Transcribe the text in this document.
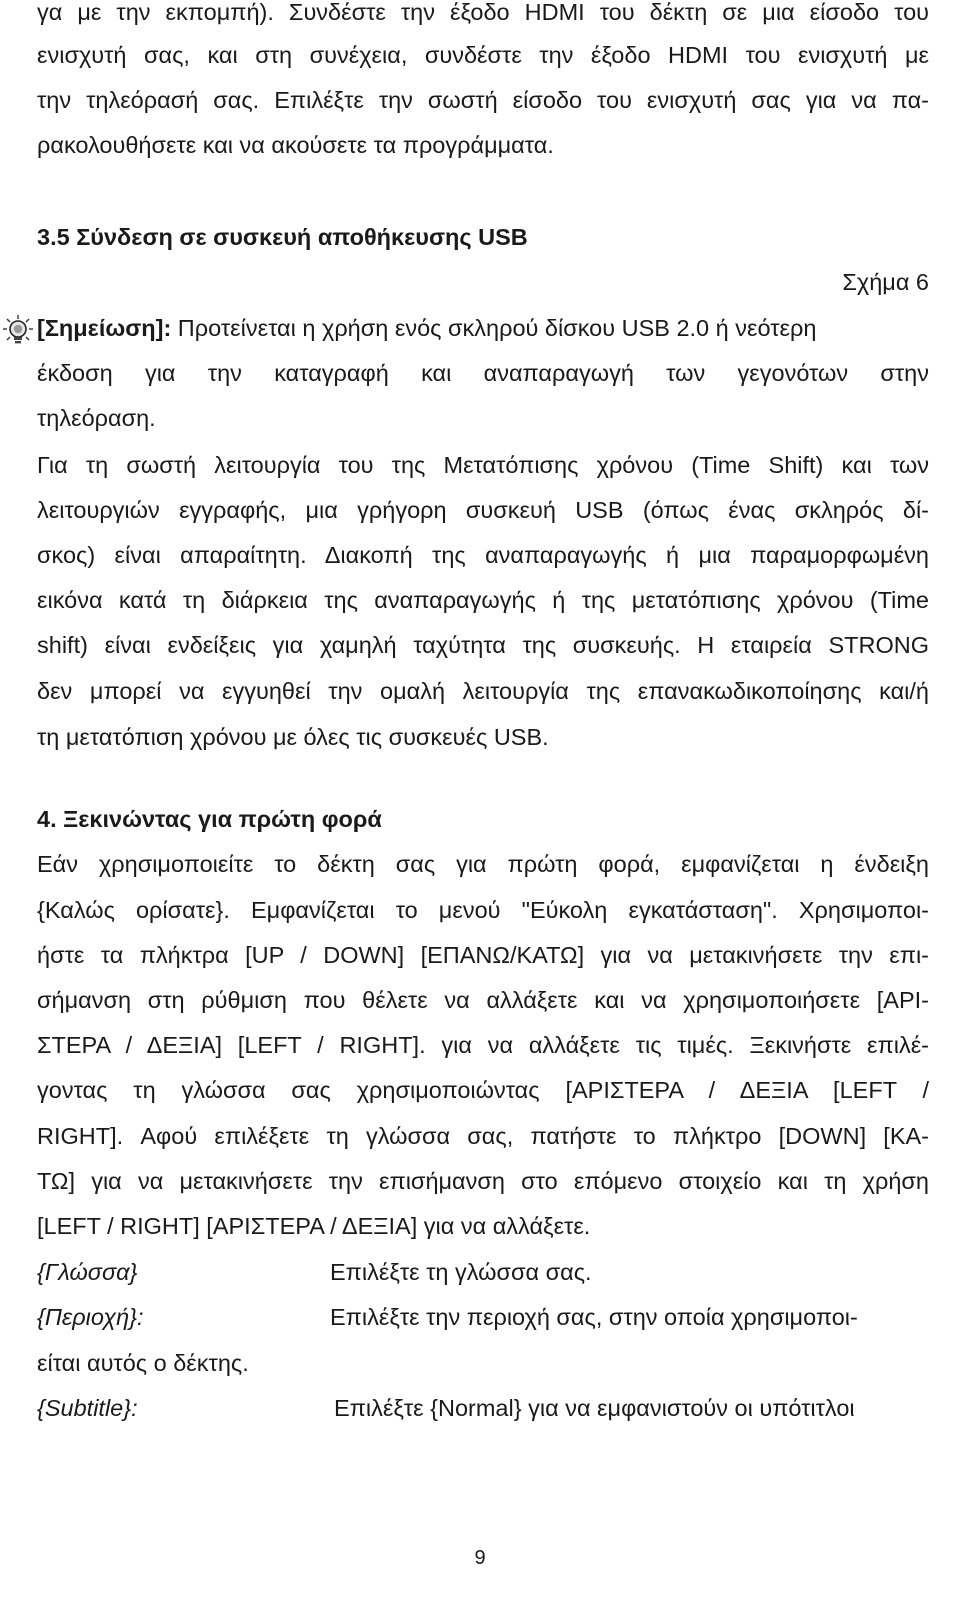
γα με την εκπομπή). Συνδέστε την έξοδο HDMI του δέκτη σε μια είσοδο του
ενισχυτή σας, και στη συνέχεια, συνδέστε την έξοδο HDMI του ενισχυτή με
την τηλεόρασή σας. Επιλέξτε την σωστή είσοδο του ενισχυτή σας για να πα-
ρακολουθήσετε και να ακούσετε τα προγράμματα.
3.5 Σύνδεση σε συσκευή αποθήκευσης USB
Σχήμα 6
[Σημείωση]: Προτείνεται η χρήση ενός σκληρού δίσκου USB 2.0 ή νεότερη
έκδοση για την καταγραφή και αναπαραγωγή των γεγονότων στην
τηλεόραση.
Για τη σωστή λειτουργία του της Μετατόπισης χρόνου (Time Shift) και των
λειτουργιών εγγραφής, μια γρήγορη συσκευή USB (όπως ένας σκληρός δί-
σκος) είναι απαραίτητη. Διακοπή της αναπαραγωγής ή μια παραμορφωμένη
εικόνα κατά τη διάρκεια της αναπαραγωγής ή της μετατόπισης χρόνου (Time
shift) είναι ενδείξεις για χαμηλή ταχύτητα της συσκευής. Η εταιρεία STRONG
δεν μπορεί να εγγυηθεί την ομαλή λειτουργία της επανακωδικοποίησης και/ή
τη μετατόπιση χρόνου με όλες τις συσκευές USB.
4. Ξεκινώντας για πρώτη φορά
Εάν χρησιμοποιείτε το δέκτη σας για πρώτη φορά, εμφανίζεται η ένδειξη
{Καλώς ορίσατε}. Εμφανίζεται το μενού "Εύκολη εγκατάσταση". Χρησιμοποι-
ήστε τα πλήκτρα [UP / DOWN] [ΕΠΑΝΩ/ΚΑΤΩ] για να μετακινήσετε την επι-
σήμανση στη ρύθμιση που θέλετε να αλλάξετε και να χρησιμοποιήσετε [ΑΡΙ-
ΣΤΕΡΑ / ΔΕΞΙΑ] [LEFT / RIGHT]. για να αλλάξετε τις τιμές. Ξεκινήστε επιλέ-
γοντας τη γλώσσα σας χρησιμοποιώντας [ΑΡΙΣΤΕΡΑ / ΔΕΞΙΑ [LEFT /
RIGHT]. Αφού επιλέξετε τη γλώσσα σας, πατήστε το πλήκτρο [DOWN] [ΚΑ-
ΤΩ] για να μετακινήσετε την επισήμανση στο επόμενο στοιχείο και τη χρήση
[LEFT / RIGHT] [ΑΡΙΣΤΕΡΑ / ΔΕΞΙΑ] για να αλλάξετε.
{Γλώσσα}	Επιλέξτε τη γλώσσα σας.
{Περιοχή}:	Επιλέξτε την περιοχή σας, στην οποία χρησιμοποι-
είται αυτός ο δέκτης.
{Subtitle}:	Επιλέξτε {Normal} για να εμφανιστούν οι υπότιτλοι
9
